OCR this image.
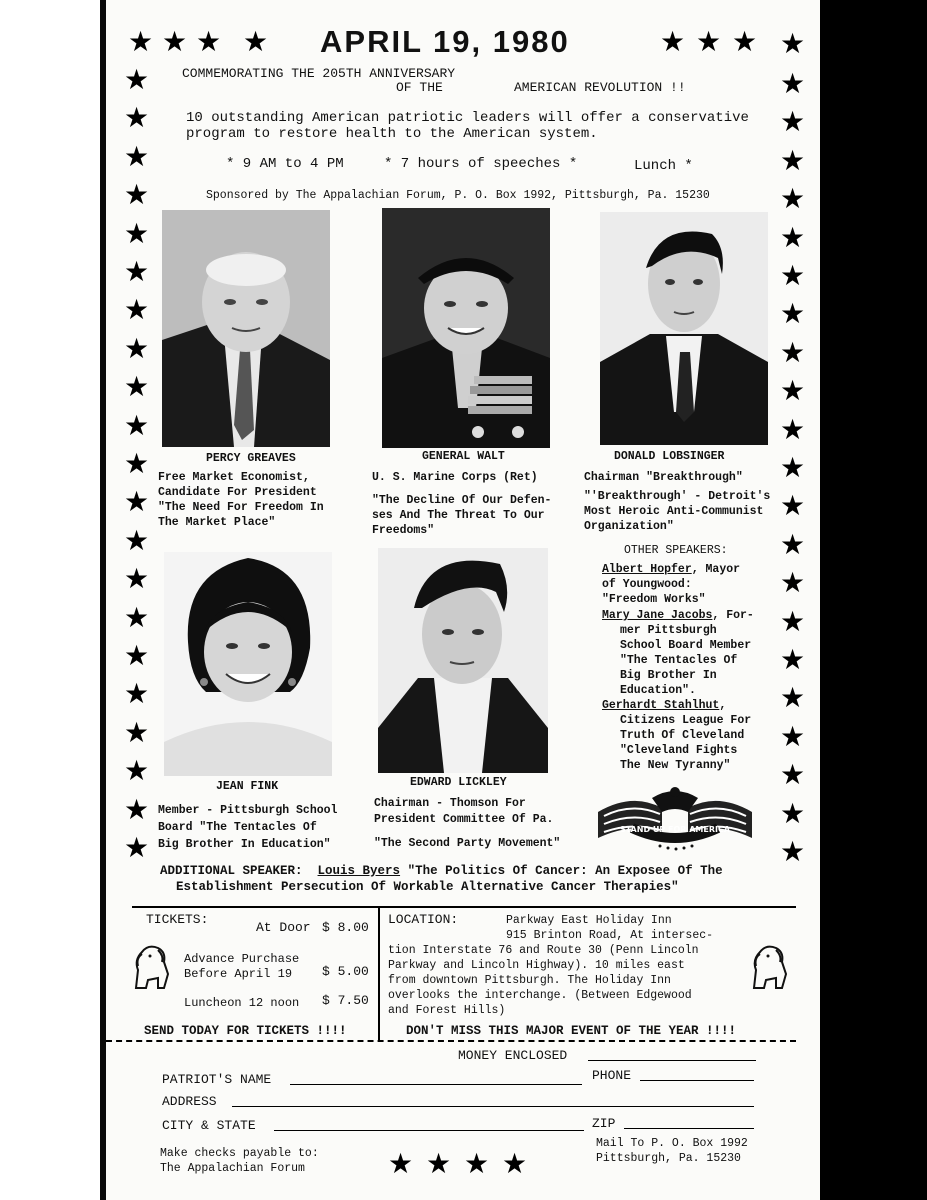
★ ★ ★ ★	★ ★ ★ ★
★
★
★
★
★
★
★
★
★
★
★
★
★
★
★
★
★
★
★
★
★
★
★
★
★
★
★
★
★
★
★
★
★
★
★
★
★
★
★
★
★
★
APRIL 19, 1980
COMMEMORATING THE 205TH ANNIVERSARY
OF THE	AMERICAN REVOLUTION !!
10 outstanding American patriotic leaders will offer a conservative
program to restore health to the American system.
* 9 AM to 4 PM	* 7 hours of speeches *	Lunch *
Sponsored by The Appalachian Forum, P. O. Box 1992, Pittsburgh, Pa. 15230
PERCY GREAVES
Free Market Economist,
Candidate For President
"The Need For Freedom In
The Market Place"
GENERAL WALT
U. S. Marine Corps (Ret)
"The Decline Of Our Defen-
ses And The Threat To Our
Freedoms"
DONALD LOBSINGER
Chairman "Breakthrough"
"'Breakthrough' - Detroit's
Most Heroic Anti-Communist
Organization"
OTHER SPEAKERS:
Albert Hopfer, Mayor
of Youngwood:
"Freedom Works"
Mary Jane Jacobs, For-
mer Pittsburgh
School Board Member
"The Tentacles Of
Big Brother In
Education".
Gerhardt Stahlhut,
Citizens League For
Truth Of Cleveland
"Cleveland Fights
The New Tyranny"
JEAN FINK
Member - Pittsburgh School
Board "The Tentacles Of
Big Brother In Education"
EDWARD LICKLEY
Chairman - Thomson For
President Committee Of Pa.
"The Second Party Movement"
STAND UP FOR AMERICA
ADDITIONAL SPEAKER: Louis Byers "The Politics Of Cancer: An Exposee Of The
Establishment Persecution Of Workable Alternative Cancer Therapies"
TICKETS:
At Door $ 8.00
Advance Purchase
Before April 19	$ 5.00
Luncheon 12 noon $ 7.50
LOCATION:	Parkway East Holiday Inn
915 Brinton Road, At intersec-
tion Interstate 76 and Route 30 (Penn Lincoln
Parkway and Lincoln Highway). 10 miles east
from downtown Pittsburgh. The Holiday Inn
overlooks the interchange. (Between Edgewood
and Forest Hills)
SEND TODAY FOR TICKETS !!!!	DON'T MISS THIS MAJOR EVENT OF THE YEAR !!!!
MONEY ENCLOSED
PATRIOT'S NAME	PHONE
ADDRESS
CITY & STATE	ZIP
Make checks payable to:
The Appalachian Forum	★ ★ ★ ★
Mail To P. O. Box 1992
Pittsburgh, Pa. 15230
